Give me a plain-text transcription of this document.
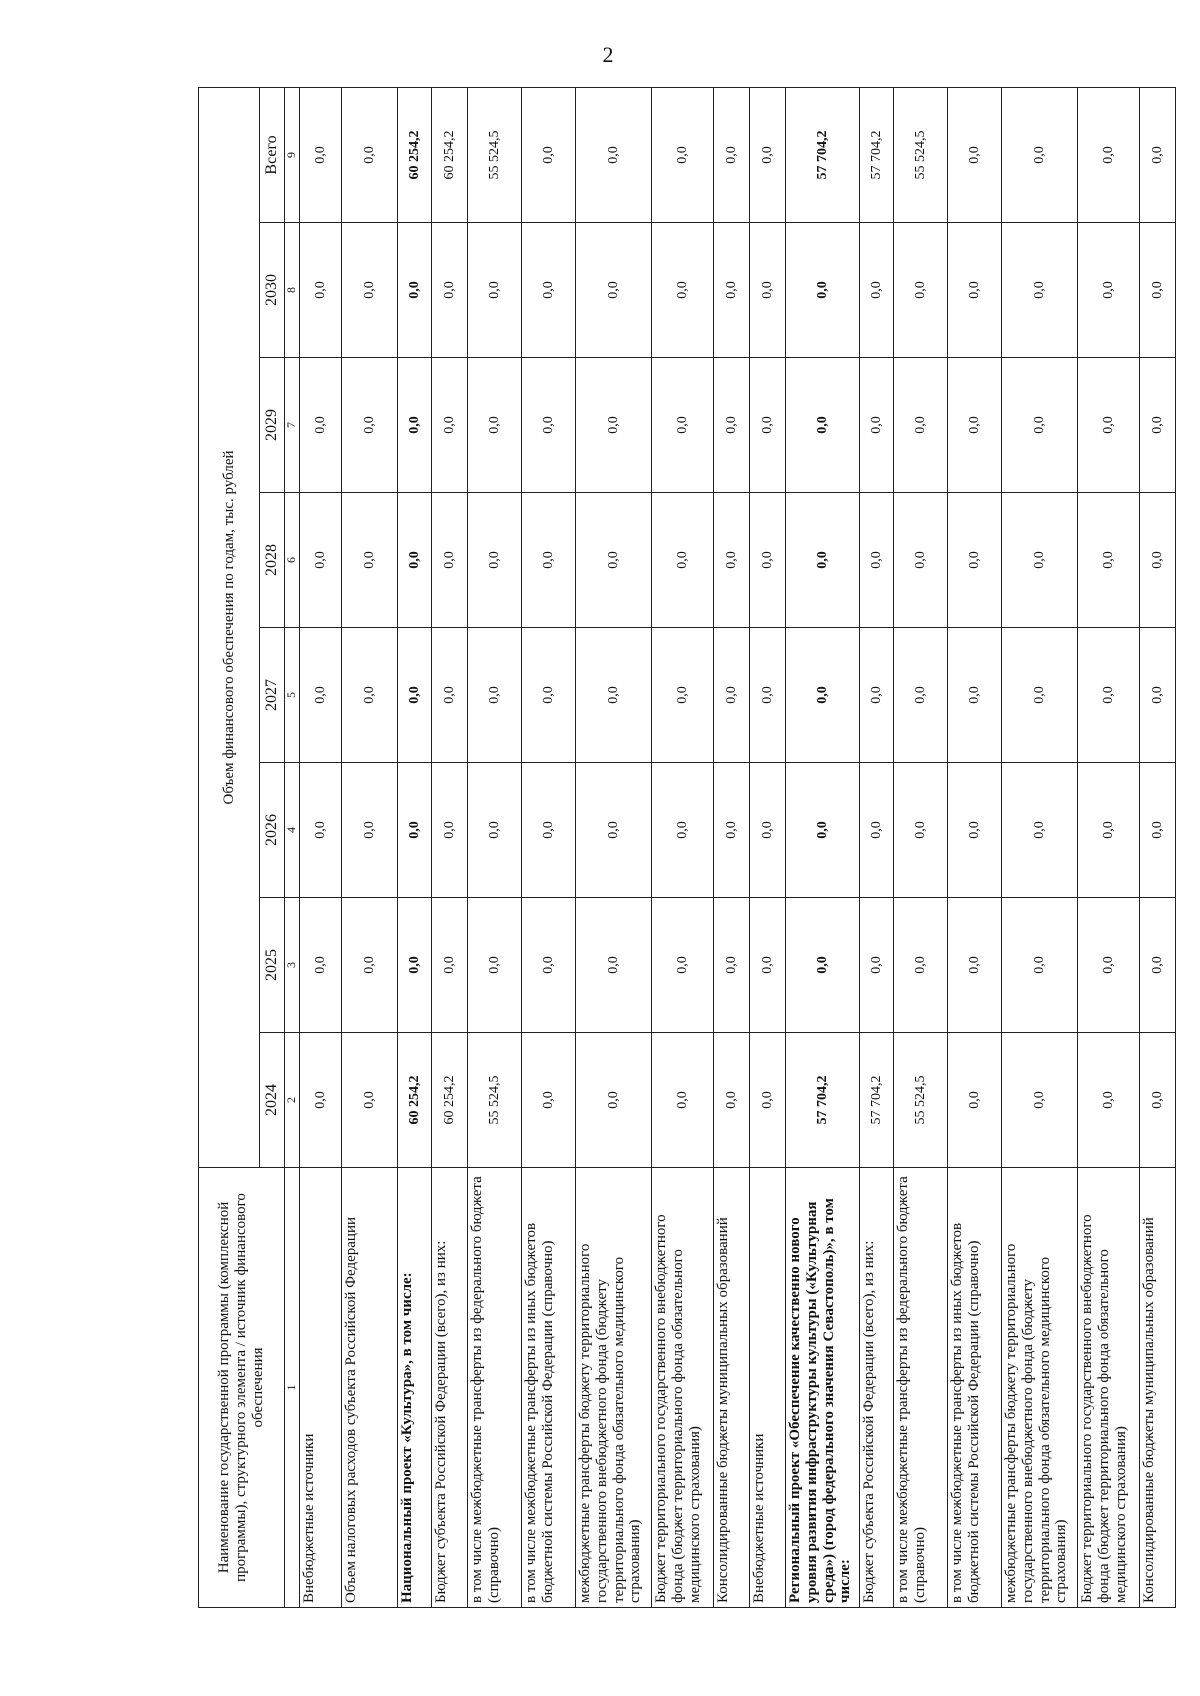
2
Наименование государственной программы (комплексной программы), структурного элемента / источник финансового обеспечения	Объем финансового обеспечения по годам, тыс. рублей							
	2024	2025	2026	2027	2028	2029	2030	Всего
1	2	3	4	5	6	7	8	9
Внебюджетные источники	0,0	0,0	0,0	0,0	0,0	0,0	0,0	0,0
Объем налоговых расходов субъекта Российской Федерации	0,0	0,0	0,0	0,0	0,0	0,0	0,0	0,0
Национальный проект «Культура», в том числе:	60 254,2	0,0	0,0	0,0	0,0	0,0	0,0	60 254,2
Бюджет субъекта Российской Федерации (всего), из них:	60 254,2	0,0	0,0	0,0	0,0	0,0	0,0	60 254,2
в том числе межбюджетные трансферты из федерального бюджета (справочно)	55 524,5	0,0	0,0	0,0	0,0	0,0	0,0	55 524,5
в том числе межбюджетные трансферты из иных бюджетов бюджетной системы Российской Федерации (справочно)	0,0	0,0	0,0	0,0	0,0	0,0	0,0	0,0
межбюджетные трансферты бюджету территориального государственного внебюджетного фонда (бюджету территориального фонда обязательного медицинского страхования)	0,0	0,0	0,0	0,0	0,0	0,0	0,0	0,0
Бюджет территориального государственного внебюджетного фонда (бюджет территориального фонда обязательного медицинского страхования)	0,0	0,0	0,0	0,0	0,0	0,0	0,0	0,0
Консолидированные бюджеты муниципальных образований	0,0	0,0	0,0	0,0	0,0	0,0	0,0	0,0
Внебюджетные источники	0,0	0,0	0,0	0,0	0,0	0,0	0,0	0,0
Региональный проект «Обеспечение качественно нового уровня развития инфраструктуры культуры («Культурная среда») (город федерального значения Севастополь)», в том числе:	57 704,2	0,0	0,0	0,0	0,0	0,0	0,0	57 704,2
Бюджет субъекта Российской Федерации (всего), из них:	57 704,2	0,0	0,0	0,0	0,0	0,0	0,0	57 704,2
в том числе межбюджетные трансферты из федерального бюджета (справочно)	55 524,5	0,0	0,0	0,0	0,0	0,0	0,0	55 524,5
в том числе межбюджетные трансферты из иных бюджетов бюджетной системы Российской Федерации (справочно)	0,0	0,0	0,0	0,0	0,0	0,0	0,0	0,0
межбюджетные трансферты бюджету территориального государственного внебюджетного фонда (бюджету территориального фонда обязательного медицинского страхования)	0,0	0,0	0,0	0,0	0,0	0,0	0,0	0,0
Бюджет территориального государственного внебюджетного фонда (бюджет территориального фонда обязательного медицинского страхования)	0,0	0,0	0,0	0,0	0,0	0,0	0,0	0,0
Консолидированные бюджеты муниципальных образований	0,0	0,0	0,0	0,0	0,0	0,0	0,0	0,0
